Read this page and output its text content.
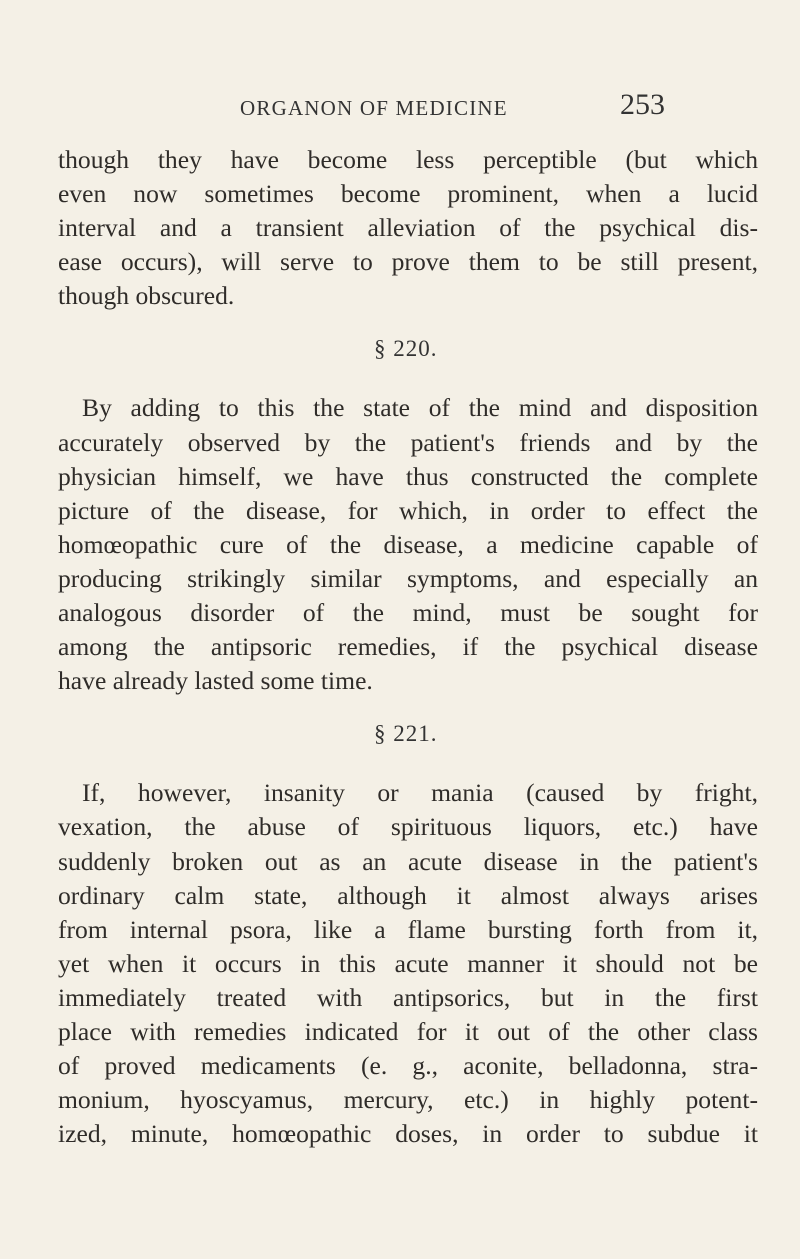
ORGANON OF MEDICINE	253
though they have become less perceptible (but which
even now sometimes become prominent, when a lucid
interval and a transient alleviation of the psychical dis-
ease occurs), will serve to prove them to be still present,
though obscured.
§ 220.
By adding to this the state of the mind and disposition
accurately observed by the patient's friends and by the
physician himself, we have thus constructed the complete
picture of the disease, for which, in order to effect the
homœopathic cure of the disease, a medicine capable of
producing strikingly similar symptoms, and especially an
analogous disorder of the mind, must be sought for
among the antipsoric remedies, if the psychical disease
have already lasted some time.
§ 221.
If, however, insanity or mania (caused by fright,
vexation, the abuse of spirituous liquors, etc.) have
suddenly broken out as an acute disease in the patient's
ordinary calm state, although it almost always arises
from internal psora, like a flame bursting forth from it,
yet when it occurs in this acute manner it should not be
immediately treated with antipsorics, but in the first
place with remedies indicated for it out of the other class
of proved medicaments (e. g., aconite, belladonna, stra-
monium, hyoscyamus, mercury, etc.) in highly potent-
ized, minute, homœopathic doses, in order to subdue it
